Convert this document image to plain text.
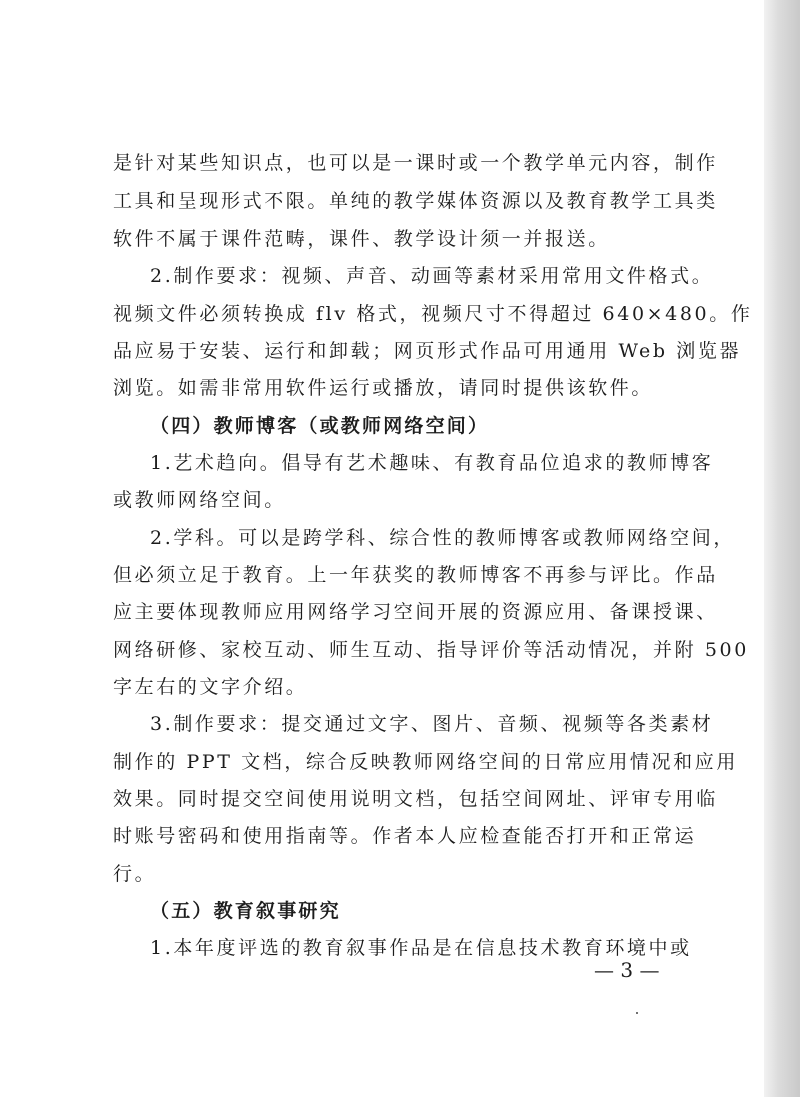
是针对某些知识点，也可以是一课时或一个教学单元内容，制作
工具和呈现形式不限。单纯的教学媒体资源以及教育教学工具类
软件不属于课件范畴，课件、教学设计须一并报送。
2.制作要求：视频、声音、动画等素材采用常用文件格式。
视频文件必须转换成 flv 格式，视频尺寸不得超过 640×480。作
品应易于安装、运行和卸载；网页形式作品可用通用 Web 浏览器
浏览。如需非常用软件运行或播放，请同时提供该软件。
（四）教师博客（或教师网络空间）
1.艺术趋向。倡导有艺术趣味、有教育品位追求的教师博客
或教师网络空间。
2.学科。可以是跨学科、综合性的教师博客或教师网络空间，
但必须立足于教育。上一年获奖的教师博客不再参与评比。作品
应主要体现教师应用网络学习空间开展的资源应用、备课授课、
网络研修、家校互动、师生互动、指导评价等活动情况，并附 500
字左右的文字介绍。
3.制作要求：提交通过文字、图片、音频、视频等各类素材
制作的 PPT 文档，综合反映教师网络空间的日常应用情况和应用
效果。同时提交空间使用说明文档，包括空间网址、评审专用临
时账号密码和使用指南等。作者本人应检查能否打开和正常运
行。
（五）教育叙事研究
1.本年度评选的教育叙事作品是在信息技术教育环境中或
— 3 —
